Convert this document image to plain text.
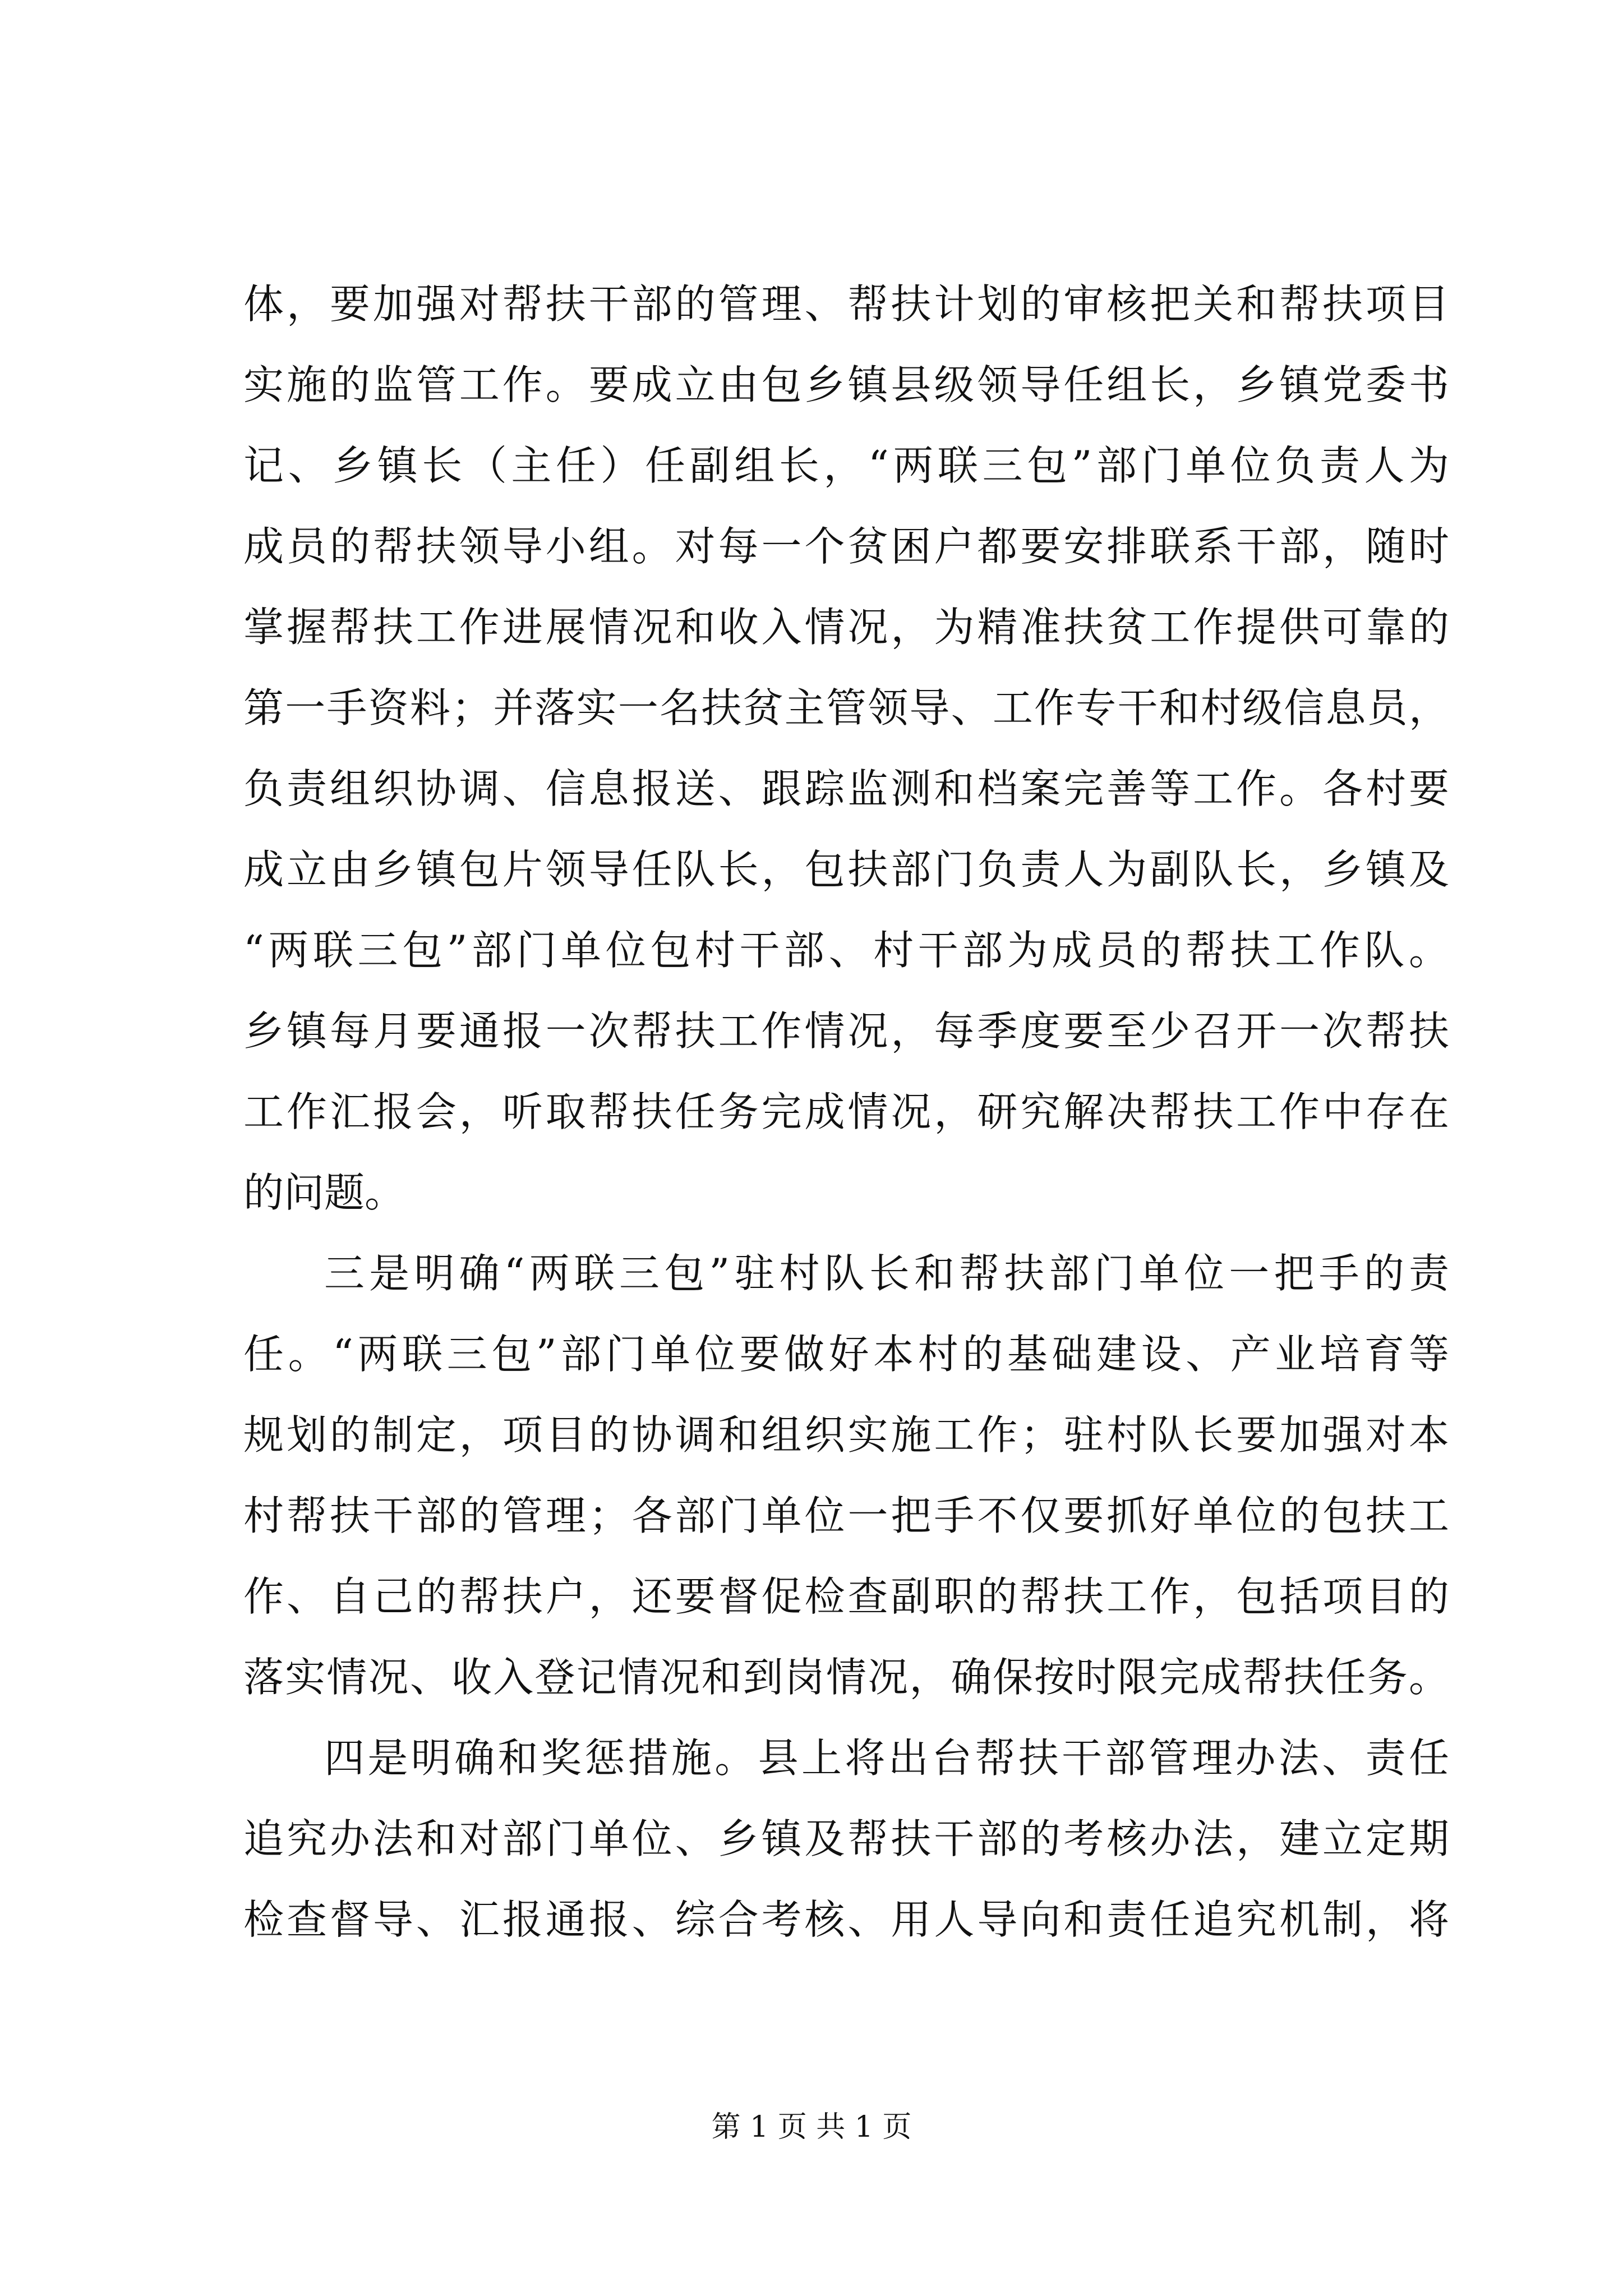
体，要加强对帮扶干部的管理、帮扶计划的审核把关和帮扶项目
实施的监管工作。要成立由包乡镇县级领导任组长，乡镇党委书
记、乡镇长（主任）任副组长，“两联三包”部门单位负责人为
成员的帮扶领导小组。对每一个贫困户都要安排联系干部，随时
掌握帮扶工作进展情况和收入情况，为精准扶贫工作提供可靠的
第一手资料；并落实一名扶贫主管领导、工作专干和村级信息员，
负责组织协调、信息报送、跟踪监测和档案完善等工作。各村要
成立由乡镇包片领导任队长，包扶部门负责人为副队长，乡镇及
“两联三包”部门单位包村干部、村干部为成员的帮扶工作队。
乡镇每月要通报一次帮扶工作情况，每季度要至少召开一次帮扶
工作汇报会，听取帮扶任务完成情况，研究解决帮扶工作中存在
的问题。
三是明确“两联三包”驻村队长和帮扶部门单位一把手的责
任。“两联三包”部门单位要做好本村的基础建设、产业培育等
规划的制定，项目的协调和组织实施工作；驻村队长要加强对本
村帮扶干部的管理；各部门单位一把手不仅要抓好单位的包扶工
作、自己的帮扶户，还要督促检查副职的帮扶工作，包括项目的
落实情况、收入登记情况和到岗情况，确保按时限完成帮扶任务。
四是明确和奖惩措施。县上将出台帮扶干部管理办法、责任
追究办法和对部门单位、乡镇及帮扶干部的考核办法，建立定期
检查督导、汇报通报、综合考核、用人导向和责任追究机制，将
第 1 页 共 1 页
